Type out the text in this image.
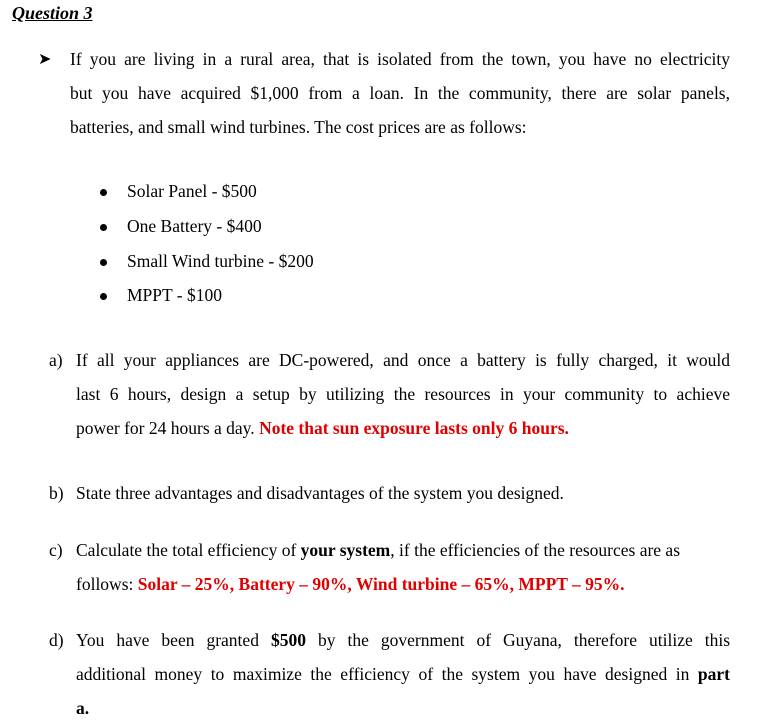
Question 3
➤ If you are living in a rural area, that is isolated from the town, you have no electricity
but you have acquired $1,000 from a loan. In the community, there are solar panels,
batteries, and small wind turbines. The cost prices are as follows:
Solar Panel - $500
One Battery - $400
Small Wind turbine - $200
MPPT - $100
a) If all your appliances are DC-powered, and once a battery is fully charged, it would
last 6 hours, design a setup by utilizing the resources in your community to achieve
power for 24 hours a day. Note that sun exposure lasts only 6 hours.
b) State three advantages and disadvantages of the system you designed.
c) Calculate the total efficiency of your system, if the efficiencies of the resources are as
follows: Solar – 25%, Battery – 90%, Wind turbine – 65%, MPPT – 95%.
d) You have been granted $500 by the government of Guyana, therefore utilize this
additional money to maximize the efficiency of the system you have designed in part
a.
